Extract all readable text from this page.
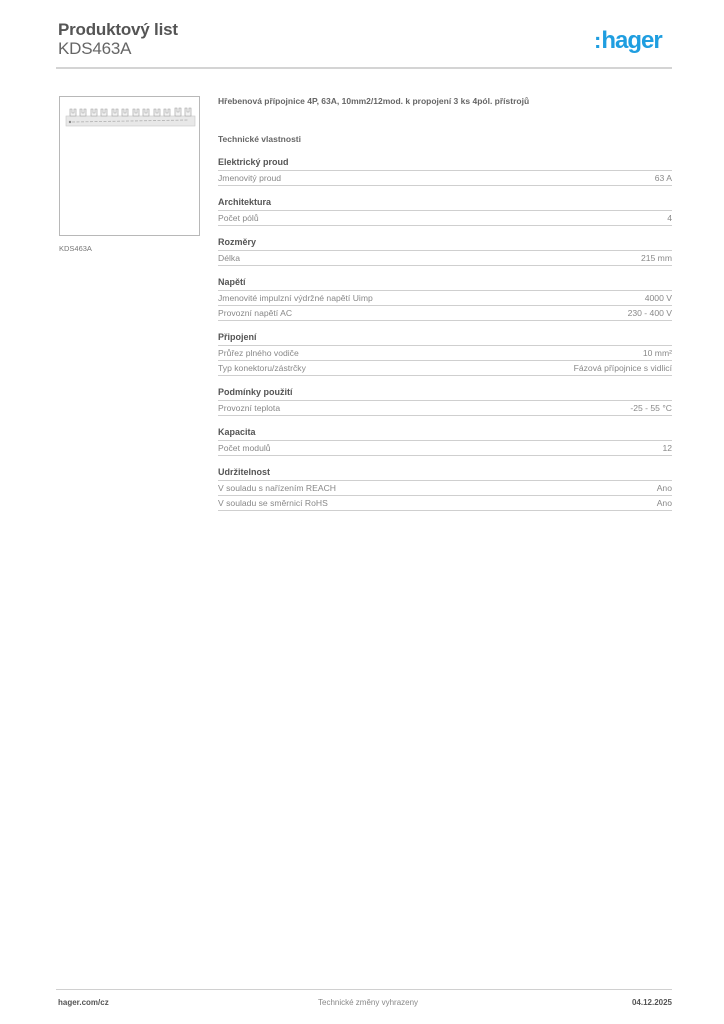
Produktový list
KDS463A	:hager
KDS463A
Hřebenová přípojnice 4P, 63A, 10mm2/12mod. k propojení 3 ks 4pól. přístrojů
Technické vlastnosti
Elektrický proud
Jmenovitý proud	63 A
Architektura
Počet pólů	4
Rozměry
Délka	215 mm
Napětí
Jmenovité impulzní výdržné napětí Uimp	4000 V
Provozní napětí AC	230 - 400 V
Připojení
Průřez plného vodiče	10 mm²
Typ konektoru/zástrčky	Fázová přípojnice s vidlicí
Podmínky použití
Provozní teplota	-25 - 55 °C
Kapacita
Počet modulů	12
Udržitelnost
V souladu s nařízením REACH	Ano
V souladu se směrnicí RoHS	Ano
hager.com/cz	Technické změny vyhrazeny	04.12.2025
